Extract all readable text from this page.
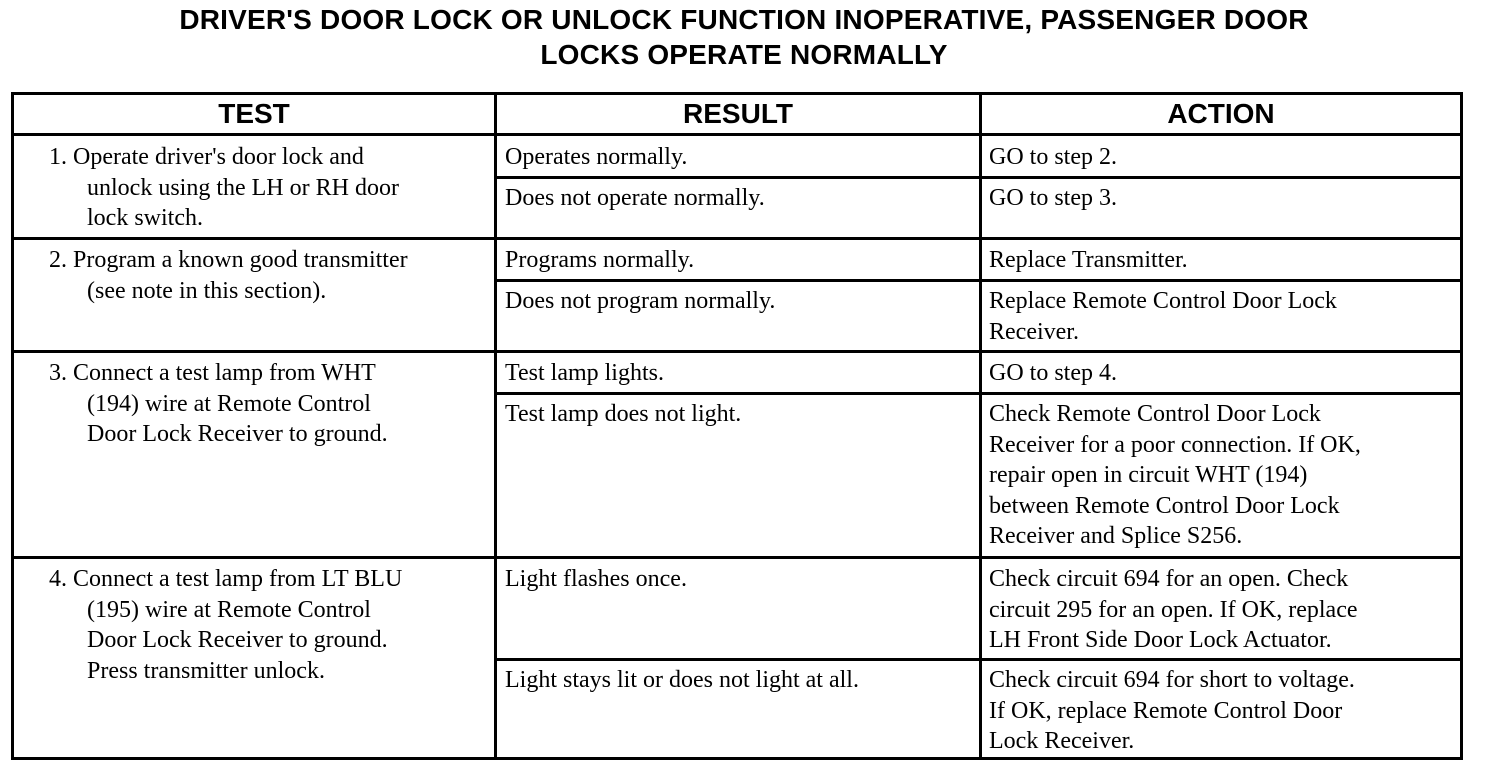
DRIVER'S DOOR LOCK OR UNLOCK FUNCTION INOPERATIVE, PASSENGER DOOR
LOCKS OPERATE NORMALLY
TEST	RESULT	ACTION
1. Operate driver's door lock and
unlock using the LH or RH door
lock switch.
Operates normally.	GO to step 2.
Does not operate normally.	GO to step 3.
2. Program a known good transmitter
(see note in this section).
Programs normally.	Replace Transmitter.
Does not program normally.	Replace Remote Control Door Lock
Receiver.
3. Connect a test lamp from WHT
(194) wire at Remote Control
Door Lock Receiver to ground.
Test lamp lights.	GO to step 4.
Test lamp does not light.	Check Remote Control Door Lock
Receiver for a poor connection. If OK,
repair open in circuit WHT (194)
between Remote Control Door Lock
Receiver and Splice S256.
4. Connect a test lamp from LT BLU
(195) wire at Remote Control
Door Lock Receiver to ground.
Press transmitter unlock.
Light flashes once.	Check circuit 694 for an open. Check
circuit 295 for an open. If OK, replace
LH Front Side Door Lock Actuator.
Light stays lit or does not light at all.	Check circuit 694 for short to voltage.
If OK, replace Remote Control Door
Lock Receiver.
